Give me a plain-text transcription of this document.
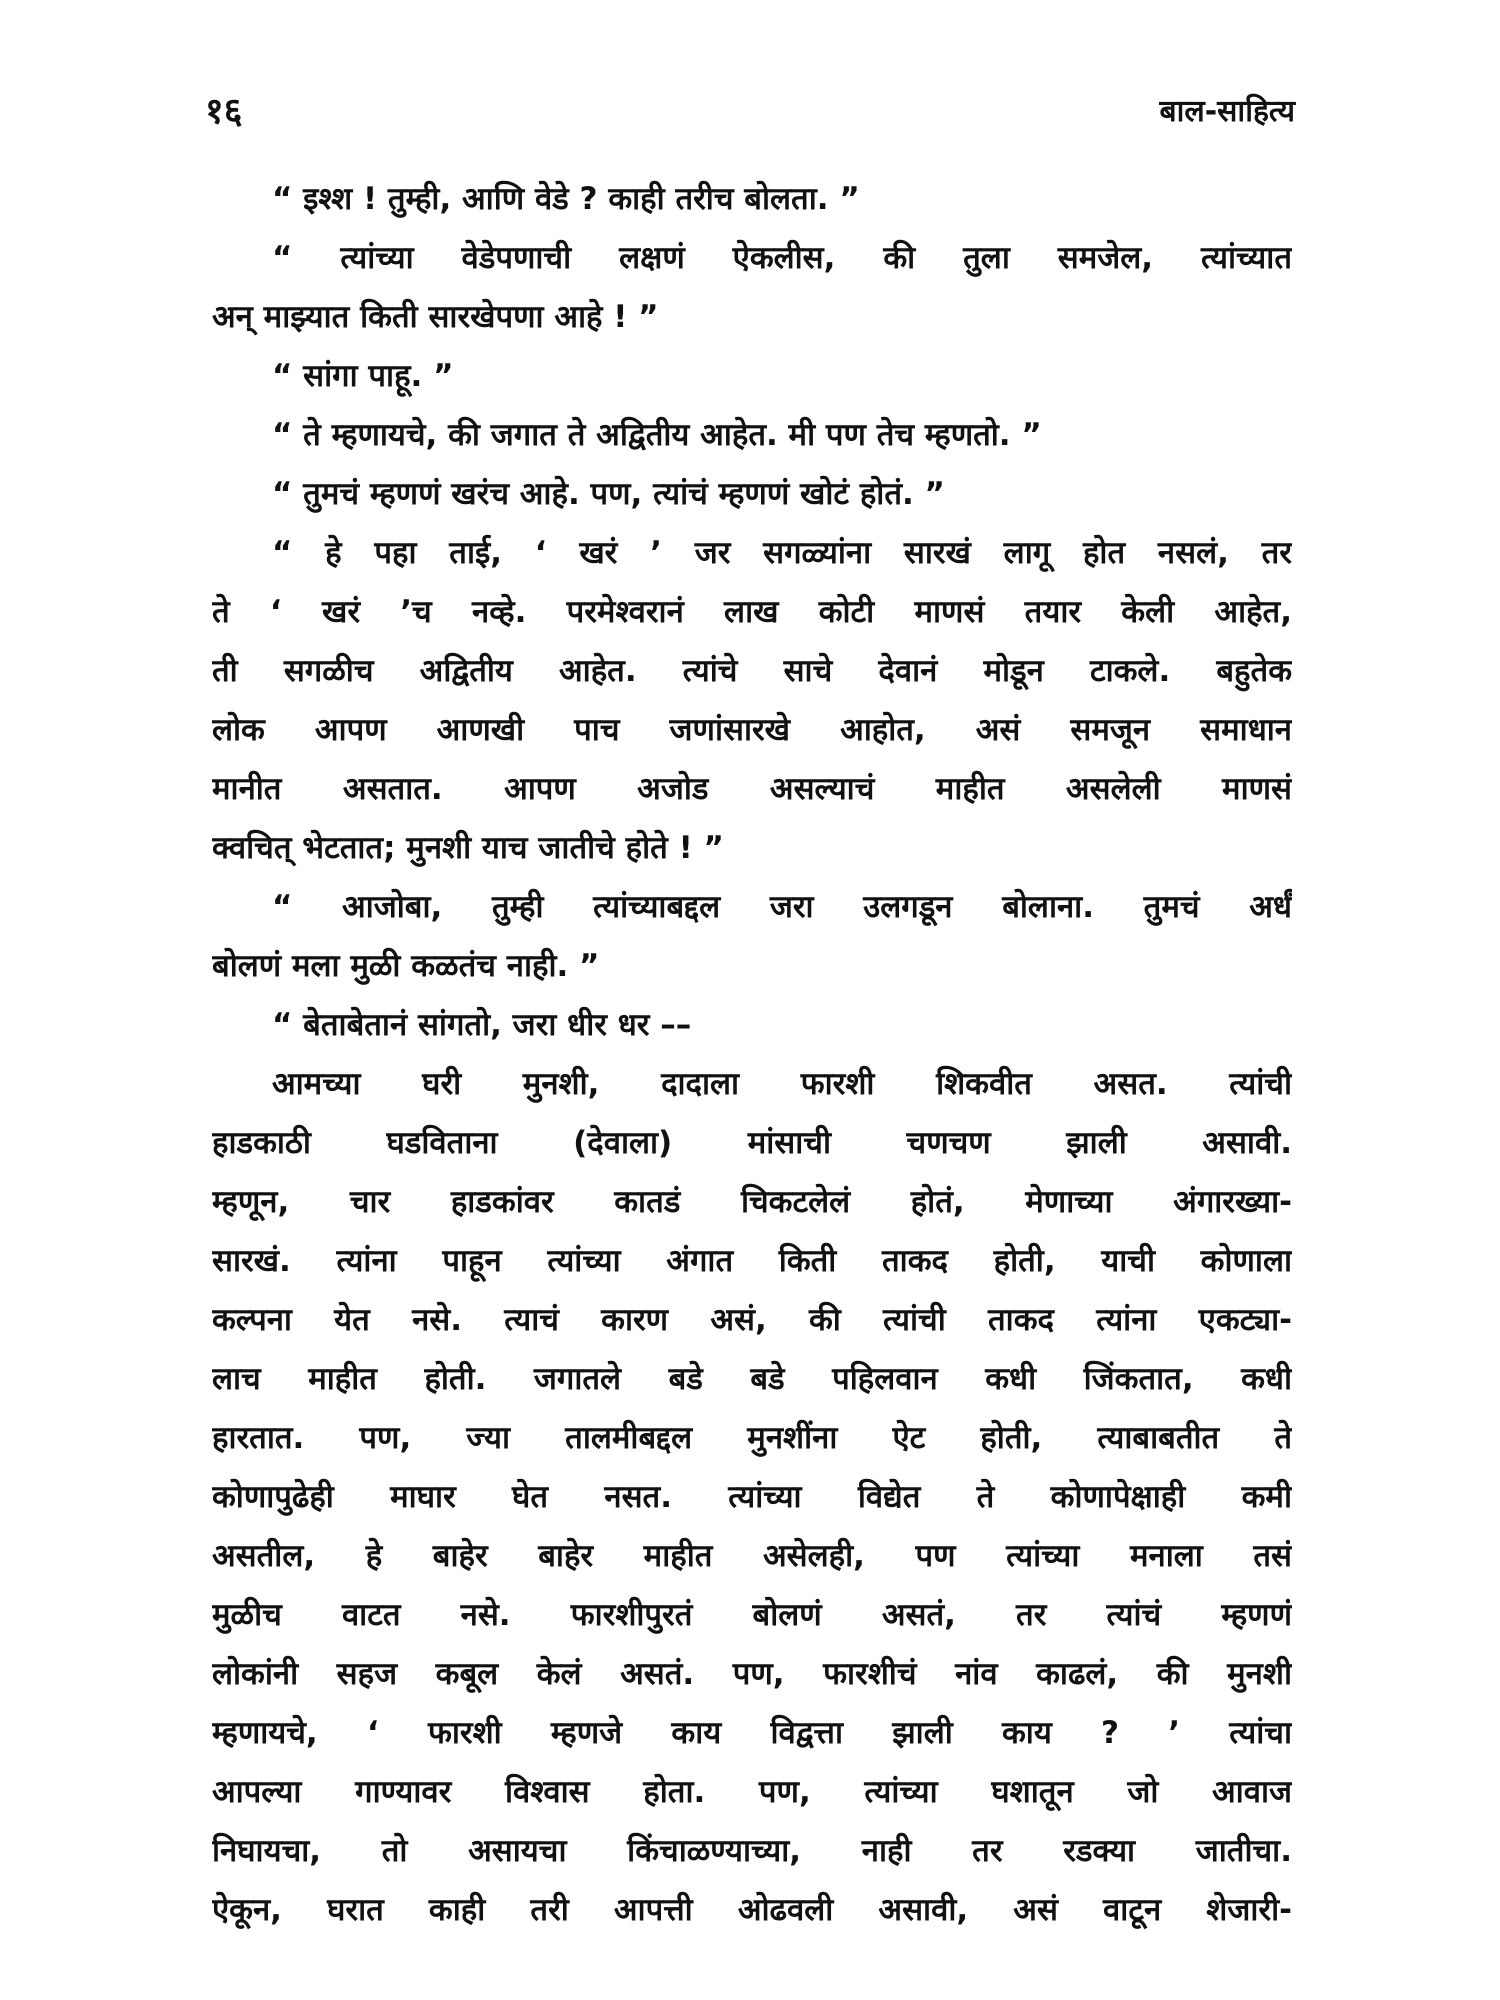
१६	बाल-साहित्य
“ इश्श ! तुम्ही, आणि वेडे ? काही तरीच बोलता. ”
“ त्यांच्या वेडेपणाची लक्षणं ऐकलीस, की तुला समजेल, त्यांच्यात
अन् माझ्यात किती सारखेपणा आहे ! ”
“ सांगा पाहू. ”
“ ते म्हणायचे, की जगात ते अद्वितीय आहेत. मी पण तेच म्हणतो. ”
“ तुमचं म्हणणं खरंच आहे. पण, त्यांचं म्हणणं खोटं होतं. ”
“ हे पहा ताई, ‘ खरं ’ जर सगळ्यांना सारखं लागू होत नसलं, तर
ते ‘ खरं ’च नव्हे. परमेश्वरानं लाख कोटी माणसं तयार केली आहेत,
ती सगळीच अद्वितीय आहेत. त्यांचे साचे देवानं मोडून टाकले. बहुतेक
लोक आपण आणखी पाच जणांसारखे आहोत, असं समजून समाधान
मानीत असतात. आपण अजोड असल्याचं माहीत असलेली माणसं
क्वचित् भेटतात; मुनशी याच जातीचे होते ! ”
“ आजोबा, तुम्ही त्यांच्याबद्दल जरा उलगडून बोलाना. तुमचं अर्धं
बोलणं मला मुळी कळतंच नाही. ”
“ बेताबेतानं सांगतो, जरा धीर धर ––
आमच्या घरी मुनशी, दादाला फारशी शिकवीत असत. त्यांची
हाडकाठी घडविताना (देवाला) मांसाची चणचण झाली असावी.
म्हणून, चार हाडकांवर कातडं चिकटलेलं होतं, मेणाच्या अंगारख्या-
सारखं. त्यांना पाहून त्यांच्या अंगात किती ताकद होती, याची कोणाला
कल्पना येत नसे. त्याचं कारण असं, की त्यांची ताकद त्यांना एकट्या-
लाच माहीत होती. जगातले बडे बडे पहिलवान कधी जिंकतात, कधी
हारतात. पण, ज्या तालमीबद्दल मुनशींना ऐट होती, त्याबाबतीत ते
कोणापुढेही माघार घेत नसत. त्यांच्या विद्येत ते कोणापेक्षाही कमी
असतील, हे बाहेर बाहेर माहीत असेलही, पण त्यांच्या मनाला तसं
मुळीच वाटत नसे. फारशीपुरतं बोलणं असतं, तर त्यांचं म्हणणं
लोकांनी सहज कबूल केलं असतं. पण, फारशीचं नांव काढलं, की मुनशी
म्हणायचे, ‘ फारशी म्हणजे काय विद्वत्ता झाली काय ? ’ त्यांचा
आपल्या गाण्यावर विश्वास होता. पण, त्यांच्या घशातून जो आवाज
निघायचा, तो असायचा किंचाळण्याच्या, नाही तर रडक्या जातीचा.
ऐकून, घरात काही तरी आपत्ती ओढवली असावी, असं वाटून शेजारी-
